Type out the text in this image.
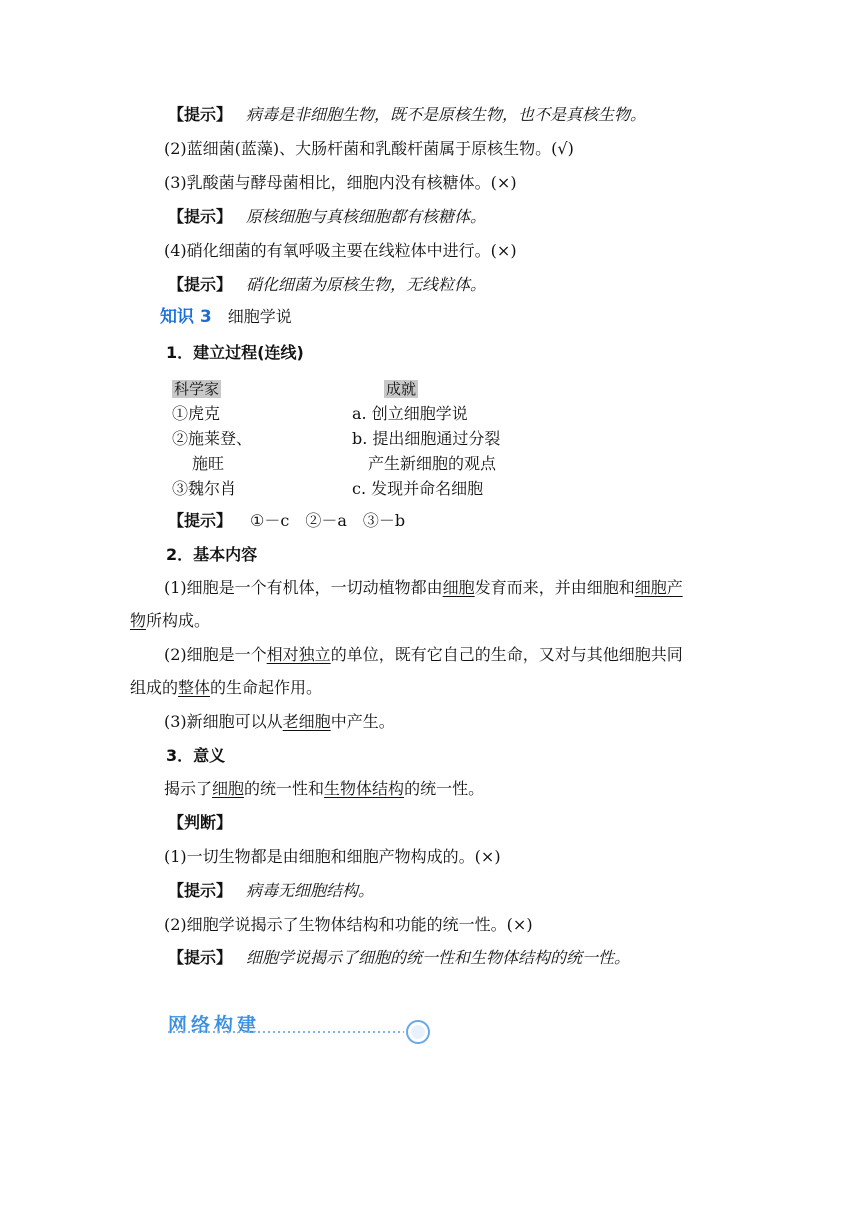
【提示】 病毒是非细胞生物，既不是原核生物，也不是真核生物。
(2)蓝细菌(蓝藻)、大肠杆菌和乳酸杆菌属于原核生物。(√)
(3)乳酸菌与酵母菌相比，细胞内没有核糖体。(×)
【提示】 原核细胞与真核细胞都有核糖体。
(4)硝化细菌的有氧呼吸主要在线粒体中进行。(×)
【提示】 硝化细菌为原核生物，无线粒体。
知识 3 细胞学说
1．建立过程(连线)
科学家	成就
①虎克	a. 创立细胞学说
②施莱登、	b. 提出细胞通过分裂
施旺	产生新细胞的观点
③魏尔肖	c. 发现并命名细胞
【提示】 ①－c　②－a　③－b
2．基本内容
(1)细胞是一个有机体，一切动植物都由细胞发育而来，并由细胞和细胞产
物所构成。
(2)细胞是一个相对独立的单位，既有它自己的生命，又对与其他细胞共同
组成的整体的生命起作用。
(3)新细胞可以从老细胞中产生。
3．意义
揭示了细胞的统一性和生物体结构的统一性。
【判断】
(1)一切生物都是由细胞和细胞产物构成的。(×)
【提示】 病毒无细胞结构。
(2)细胞学说揭示了生物体结构和功能的统一性。(×)
【提示】 细胞学说揭示了细胞的统一性和生物体结构的统一性。
网络构建
